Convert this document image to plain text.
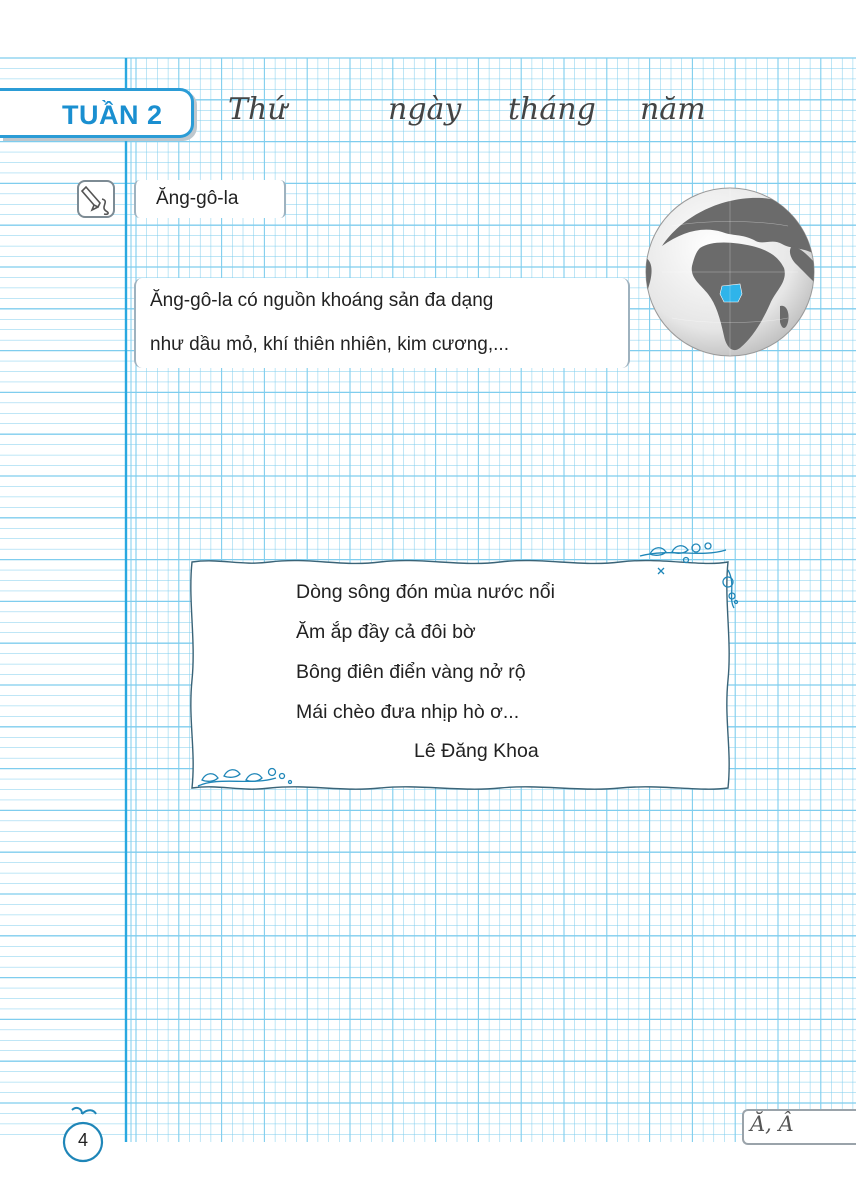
TUẦN 2 Thứ	ngày tháng năm
Ăng-gô-la
Ăng-gô-la có nguồn khoáng sản đa dạng
như dầu mỏ, khí thiên nhiên, kim cương,...
Dòng sông đón mùa nước nổi
Ăm ắp đầy cả đôi bờ
Bông điên điển vàng nở rộ
Mái chèo đưa nhịp hò ơ...
Lê Đăng Khoa
4
Ă, Â
